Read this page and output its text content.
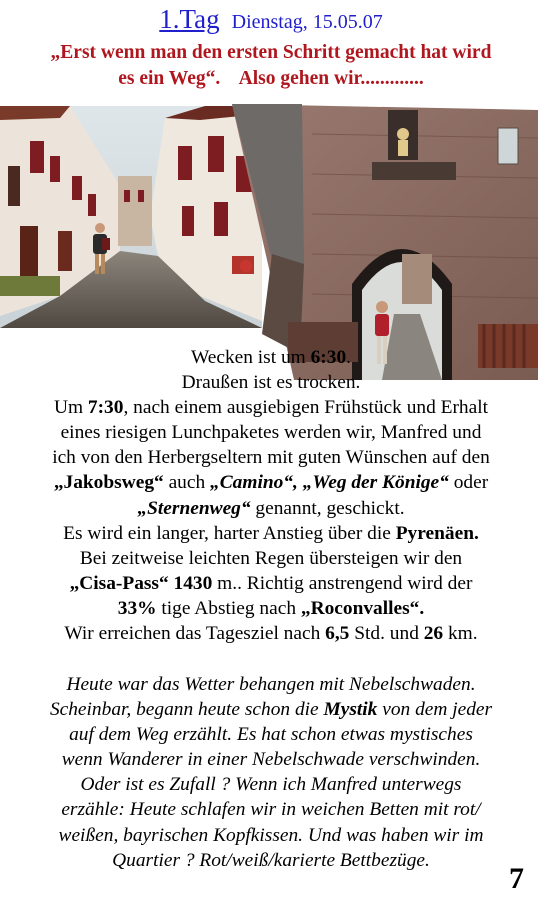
1.Tag Dienstag, 15.05.07
„Erst wenn man den ersten Schritt gemacht hat wird
es ein Weg“.    Also gehen wir.............

Wecken ist um 6:30.

Draußen ist es trocken.

Um 7:30, nach einem ausgiebigen Frühstück und Erhalt

eines riesigen Lunchpaketes werden wir, Manfred und

ich von den Herbergseltern mit guten Wünschen auf den

„Jakobsweg“ auch „Camino“, „Weg der Könige“ oder

„Sternenweg“ genannt, geschickt.

Es wird ein langer, harter Anstieg über die Pyrenäen.

Bei zeitweise leichten Regen übersteigen wir den

„Cisa-Pass“ 1430 m.. Richtig anstrengend wird der

33% tige Abstieg nach „Roconvalles“.

Wir erreichen das Tagesziel nach 6,5 Std. und 26 km.

Heute war das Wetter behangen mit Nebelschwaden.

Scheinbar, begann heute schon die Mystik von dem jeder

auf dem Weg erzählt. Es hat schon etwas mystisches

wenn Wanderer in einer Nebelschwade verschwinden.

Oder ist es Zufall ? Wenn ich Manfred unterwegs

erzähle: Heute schlafen wir in weichen Betten mit rot/

weißen, bayrischen Kopfkissen. Und was haben wir im

Quartier ? Rot/weiß/karierte Bettbezüge.

7
